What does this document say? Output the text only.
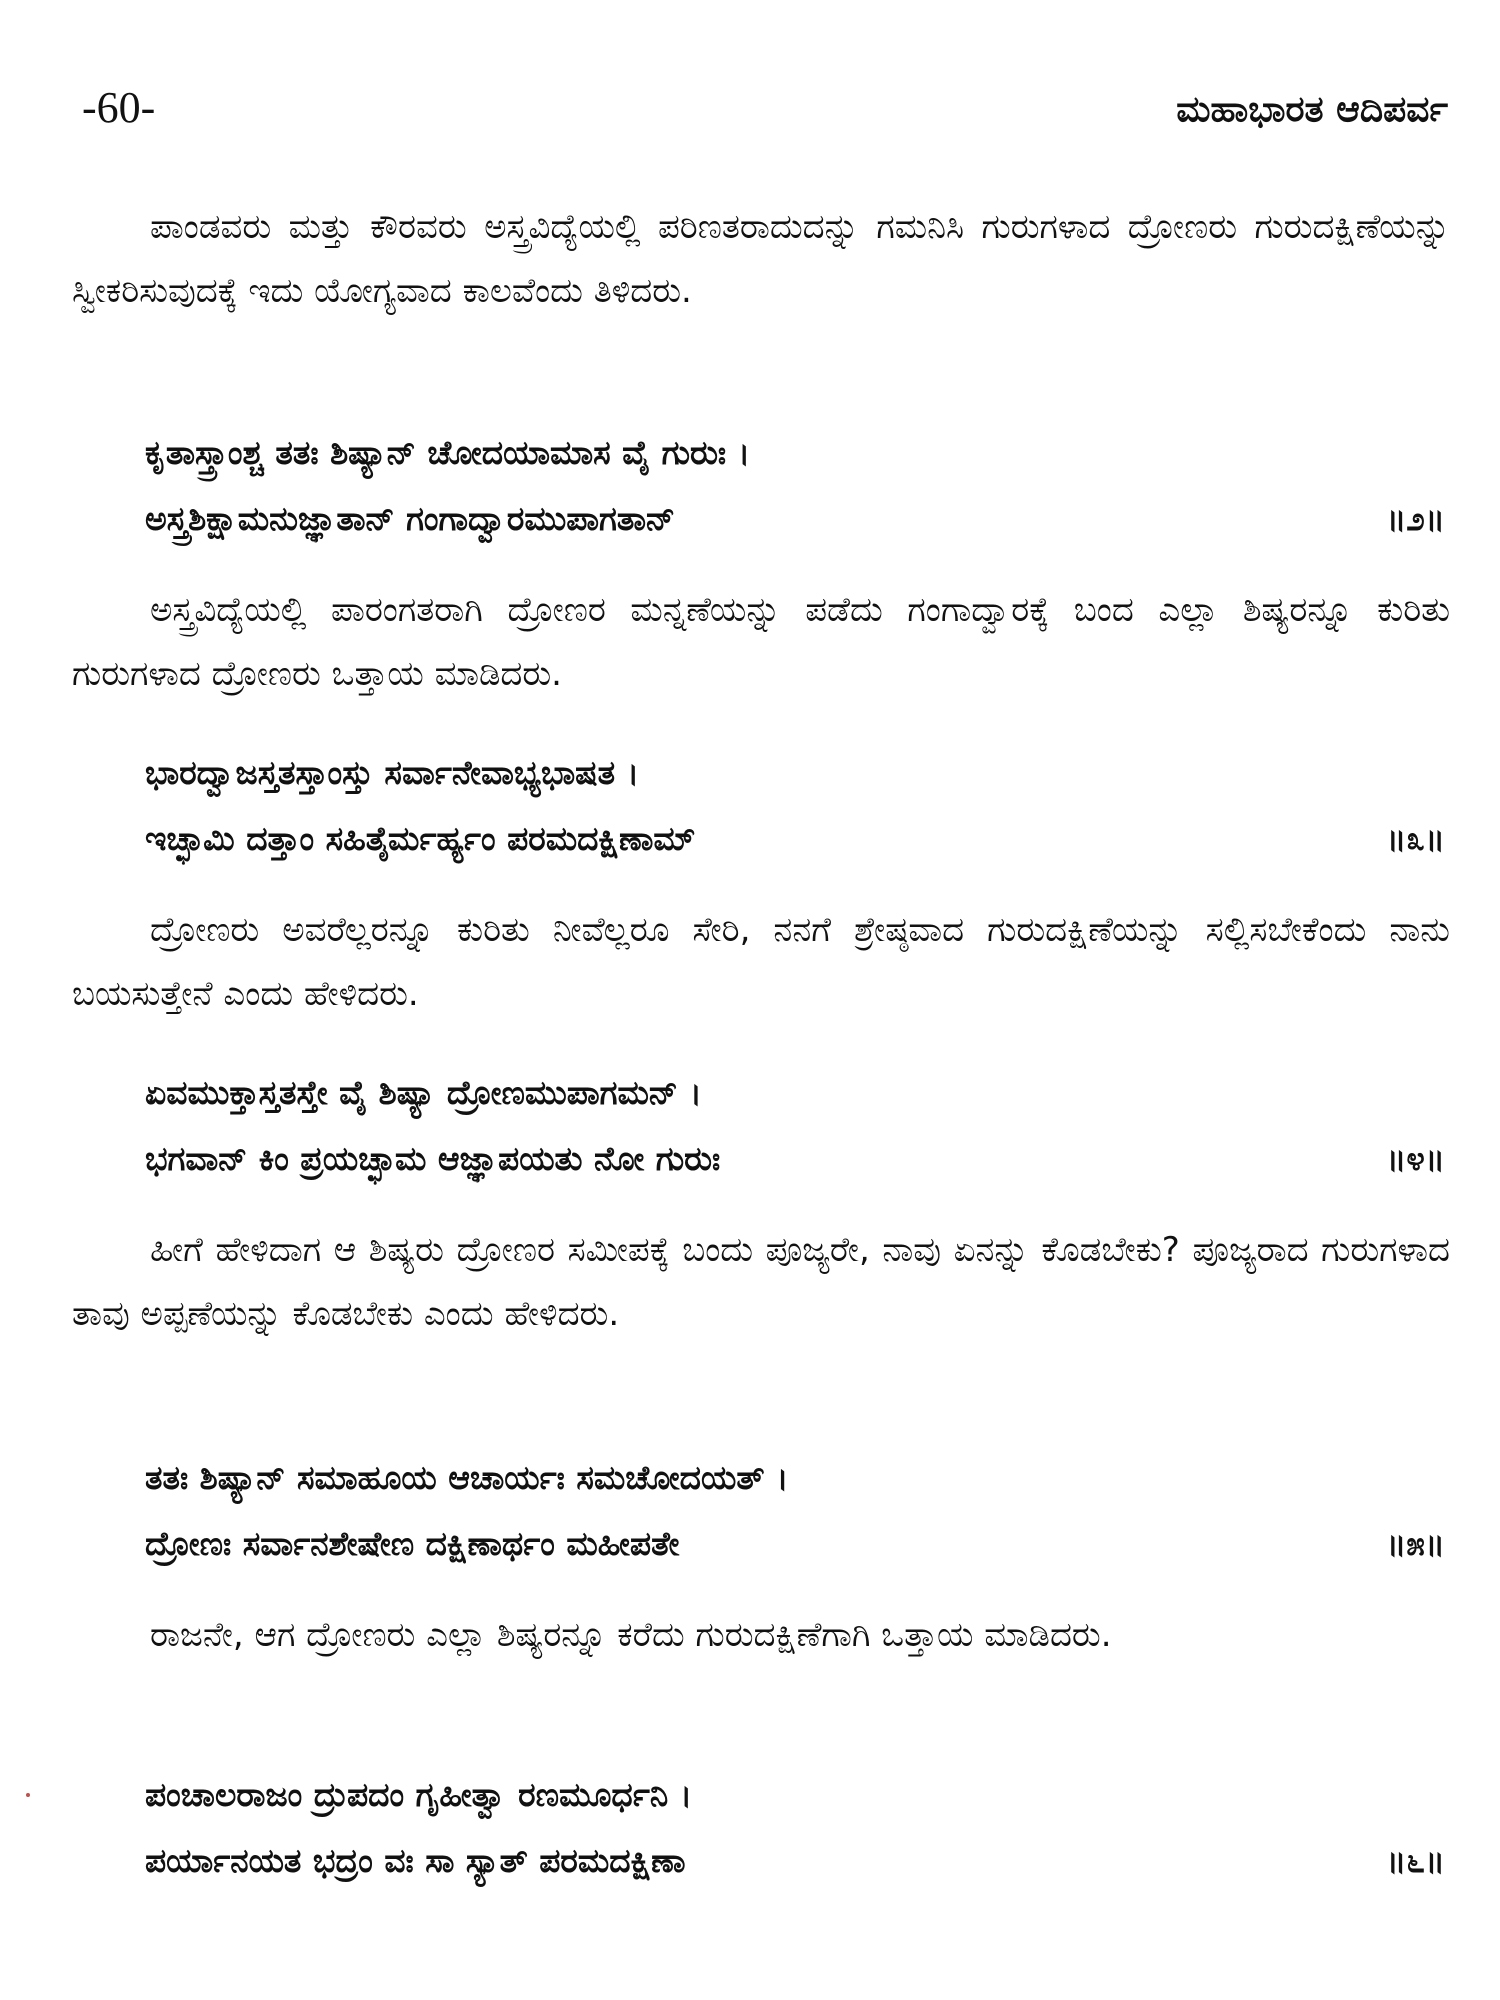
-60-	ಮಹಾಭಾರತ ಆದಿಪರ್ವ
ಪಾಂಡವರು ಮತ್ತು ಕೌರವರು ಅಸ್ತ್ರವಿದ್ಯೆಯಲ್ಲಿ ಪರಿಣತರಾದುದನ್ನು ಗಮನಿಸಿ ಗುರುಗಳಾದ ದ್ರೋಣರು ಗುರುದಕ್ಷಿಣೆಯನ್ನು ಸ್ವೀಕರಿಸುವುದಕ್ಕೆ ಇದು ಯೋಗ್ಯವಾದ ಕಾಲವೆಂದು ತಿಳಿದರು.
ಕೃತಾಸ್ತ್ರಾಂಶ್ಚ ತತಃ ಶಿಷ್ಯಾನ್ ಚೋದಯಾಮಾಸ ವೈ ಗುರುಃ ।
ಅಸ್ತ್ರಶಿಕ್ಷಾಮನುಜ್ಞಾತಾನ್ ಗಂಗಾದ್ವಾರಮುಪಾಗತಾನ್	॥೨॥
ಅಸ್ತ್ರವಿದ್ಯೆಯಲ್ಲಿ ಪಾರಂಗತರಾಗಿ ದ್ರೋಣರ ಮನ್ನಣೆಯನ್ನು ಪಡೆದು ಗಂಗಾದ್ವಾರಕ್ಕೆ ಬಂದ ಎಲ್ಲಾ ಶಿಷ್ಯರನ್ನೂ ಕುರಿತು ಗುರುಗಳಾದ ದ್ರೋಣರು ಒತ್ತಾಯ ಮಾಡಿದರು.
ಭಾರದ್ವಾಜಸ್ತತಸ್ತಾಂಸ್ತು ಸರ್ವಾನೇವಾಭ್ಯಭಾಷತ ।
ಇಚ್ಛಾಮಿ ದತ್ತಾಂ ಸಹಿತೈರ್ಮರ್ಹ್ಯಂ ಪರಮದಕ್ಷಿಣಾಮ್	॥೩॥
ದ್ರೋಣರು ಅವರೆಲ್ಲರನ್ನೂ ಕುರಿತು ನೀವೆಲ್ಲರೂ ಸೇರಿ, ನನಗೆ ಶ್ರೇಷ್ಠವಾದ ಗುರುದಕ್ಷಿಣೆಯನ್ನು ಸಲ್ಲಿಸಬೇಕೆಂದು ನಾನು ಬಯಸುತ್ತೇನೆ ಎಂದು ಹೇಳಿದರು.
ಏವಮುಕ್ತಾಸ್ತತಸ್ತೇ ವೈ ಶಿಷ್ಯಾ ದ್ರೋಣಮುಪಾಗಮನ್ ।
ಭಗವಾನ್ ಕಿಂ ಪ್ರಯಚ್ಛಾಮ ಆಜ್ಞಾಪಯತು ನೋ ಗುರುಃ	॥೪॥
ಹೀಗೆ ಹೇಳಿದಾಗ ಆ ಶಿಷ್ಯರು ದ್ರೋಣರ ಸಮೀಪಕ್ಕೆ ಬಂದು ಪೂಜ್ಯರೇ, ನಾವು ಏನನ್ನು ಕೊಡಬೇಕು? ಪೂಜ್ಯರಾದ ಗುರುಗಳಾದ ತಾವು ಅಪ್ಪಣೆಯನ್ನು ಕೊಡಬೇಕು ಎಂದು ಹೇಳಿದರು.
ತತಃ ಶಿಷ್ಯಾನ್ ಸಮಾಹೂಯ ಆಚಾರ್ಯಃ ಸಮಚೋದಯತ್ ।
ದ್ರೋಣಃ ಸರ್ವಾನಶೇಷೇಣ ದಕ್ಷಿಣಾರ್ಥಂ ಮಹೀಪತೇ	॥೫॥
ರಾಜನೇ, ಆಗ ದ್ರೋಣರು ಎಲ್ಲಾ ಶಿಷ್ಯರನ್ನೂ ಕರೆದು ಗುರುದಕ್ಷಿಣೆಗಾಗಿ ಒತ್ತಾಯ ಮಾಡಿದರು.
ಪಂಚಾಲರಾಜಂ ದ್ರುಪದಂ ಗೃಹೀತ್ವಾ ರಣಮೂರ್ಧನಿ ।
ಪರ್ಯಾನಯತ ಭದ್ರಂ ವಃ ಸಾ ಸ್ಯಾತ್ ಪರಮದಕ್ಷಿಣಾ	॥೬॥
